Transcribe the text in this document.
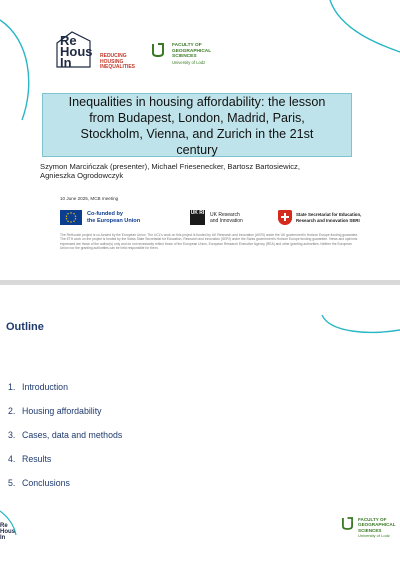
Re
Hous
In	REDUCING
HOUSING
INEQUALITIES
FACULTY OF
GEOGRAPHICAL
SCIENCES
University of Lodz
Inequalities in housing affordability: the lesson
from Budapest, London, Madrid, Paris,
Stockholm, Vienna, and Zurich in the 21st
century
Szymon Marcińczak (presenter), Michael Friesenecker, Bartosz Bartosiewicz,
Agnieszka Ogrodowczyk
10 June 2025, MCB meeting
Co-funded by
the European Union
UK RI UK Research
and Innovation
State Secretariat for Education,
Research and Innovation SERI
The ReHousIn project is co-funded by the European Union. The UCL's work on this project is funded by UK Research and Innovation (UKRI) under the UK government's Horizon Europe funding guarantee. The ETH work on the project is funded by the Swiss State Secretariat for Education, Research and Innovation (SERI) under the Swiss government's Horizon Europe funding guarantee. Views and opinions expressed are those of the author(s) only and do not necessarily reflect those of the European Union, European Research Executive Agency (REA) and other granting authorities. Neither the European Union nor the granting authorities can be held responsible for them.
Outline
1. Introduction
2. Housing affordability
3. Cases, data and methods
4. Results
5. Conclusions
Re
Hous
In
FACULTY OF
GEOGRAPHICAL
SCIENCES
University of Lodz
